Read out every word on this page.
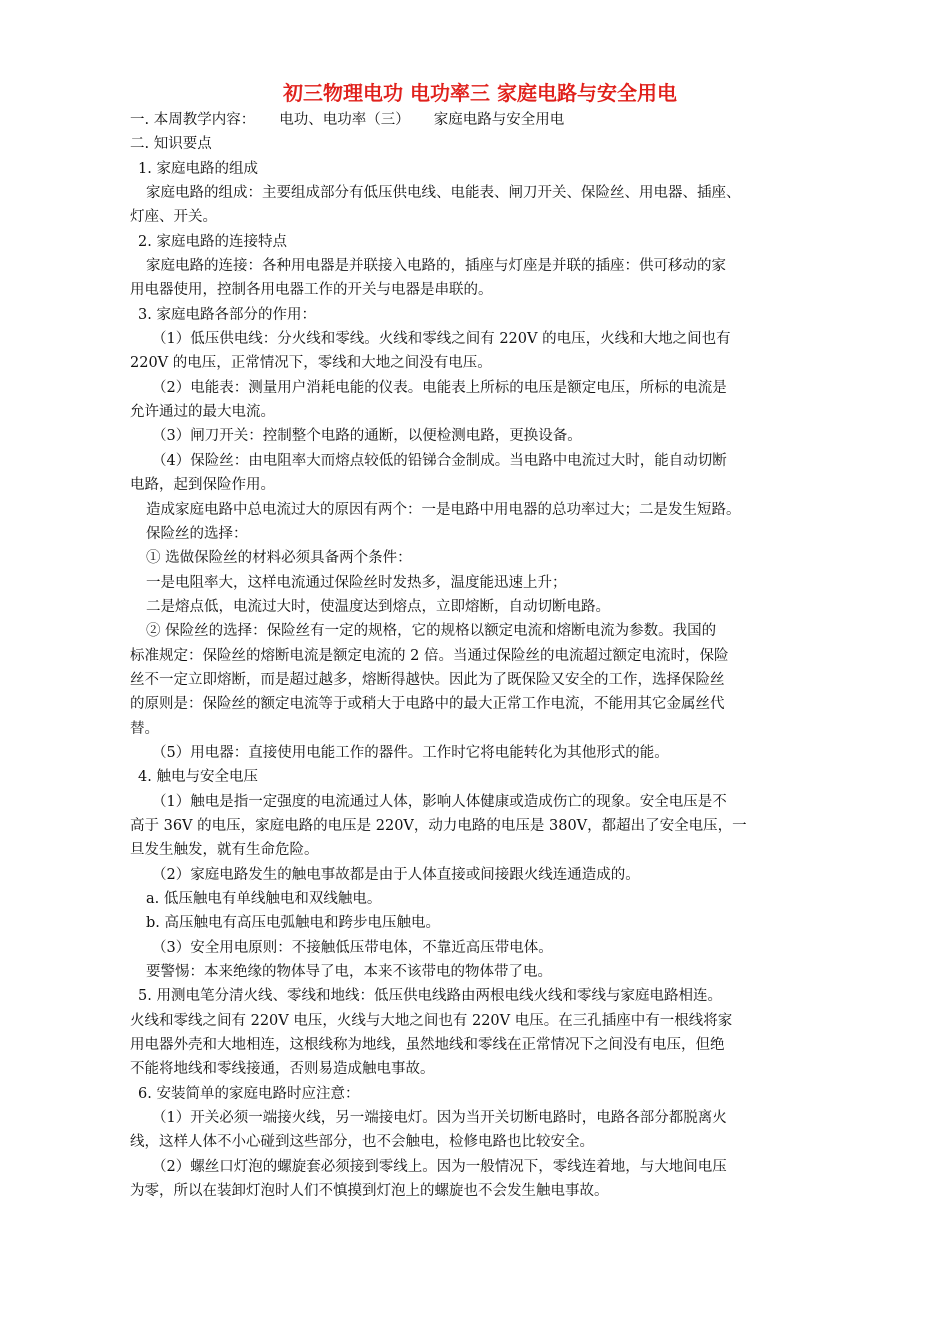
初三物理电功 电功率三 家庭电路与安全用电

一. 本周教学内容： 电功、电功率（三） 家庭电路与安全用电

二. 知识要点

1. 家庭电路的组成

家庭电路的组成：主要组成部分有低压供电线、电能表、闸刀开关、保险丝、用电器、插座、

灯座、开关。

2. 家庭电路的连接特点

家庭电路的连接：各种用电器是并联接入电路的，插座与灯座是并联的插座：供可移动的家

用电器使用，控制各用电器工作的开关与电器是串联的。

3. 家庭电路各部分的作用：

（1）低压供电线：分火线和零线。火线和零线之间有 220V 的电压，火线和大地之间也有

220V 的电压，正常情况下，零线和大地之间没有电压。

（2）电能表：测量用户消耗电能的仪表。电能表上所标的电压是额定电压，所标的电流是

允许通过的最大电流。

（3）闸刀开关：控制整个电路的通断，以便检测电路，更换设备。

（4）保险丝：由电阻率大而熔点较低的铅锑合金制成。当电路中电流过大时，能自动切断

电路，起到保险作用。

造成家庭电路中总电流过大的原因有两个：一是电路中用电器的总功率过大；二是发生短路。

保险丝的选择：

① 选做保险丝的材料必须具备两个条件：

一是电阻率大，这样电流通过保险丝时发热多，温度能迅速上升；

二是熔点低，电流过大时，使温度达到熔点，立即熔断，自动切断电路。

② 保险丝的选择：保险丝有一定的规格，它的规格以额定电流和熔断电流为参数。我国的

标准规定：保险丝的熔断电流是额定电流的 2 倍。当通过保险丝的电流超过额定电流时，保险

丝不一定立即熔断，而是超过越多，熔断得越快。因此为了既保险又安全的工作，选择保险丝

的原则是：保险丝的额定电流等于或稍大于电路中的最大正常工作电流，不能用其它金属丝代

替。

（5）用电器：直接使用电能工作的器件。工作时它将电能转化为其他形式的能。

4. 触电与安全电压

（1）触电是指一定强度的电流通过人体，影响人体健康或造成伤亡的现象。安全电压是不

高于 36V 的电压，家庭电路的电压是 220V，动力电路的电压是 380V，都超出了安全电压，一

旦发生触发，就有生命危险。

（2）家庭电路发生的触电事故都是由于人体直接或间接跟火线连通造成的。

a. 低压触电有单线触电和双线触电。

b. 高压触电有高压电弧触电和跨步电压触电。

（3）安全用电原则：不接触低压带电体，不靠近高压带电体。

要警惕：本来绝缘的物体导了电，本来不该带电的物体带了电。

5. 用测电笔分清火线、零线和地线：低压供电线路由两根电线火线和零线与家庭电路相连。

火线和零线之间有 220V 电压，火线与大地之间也有 220V 电压。在三孔插座中有一根线将家

用电器外壳和大地相连，这根线称为地线，虽然地线和零线在正常情况下之间没有电压，但绝

不能将地线和零线接通，否则易造成触电事故。

6. 安装简单的家庭电路时应注意：

（1）开关必须一端接火线，另一端接电灯。因为当开关切断电路时，电路各部分都脱离火

线，这样人体不小心碰到这些部分，也不会触电，检修电路也比较安全。

（2）螺丝口灯泡的螺旋套必须接到零线上。因为一般情况下，零线连着地，与大地间电压

为零，所以在装卸灯泡时人们不慎摸到灯泡上的螺旋也不会发生触电事故。
